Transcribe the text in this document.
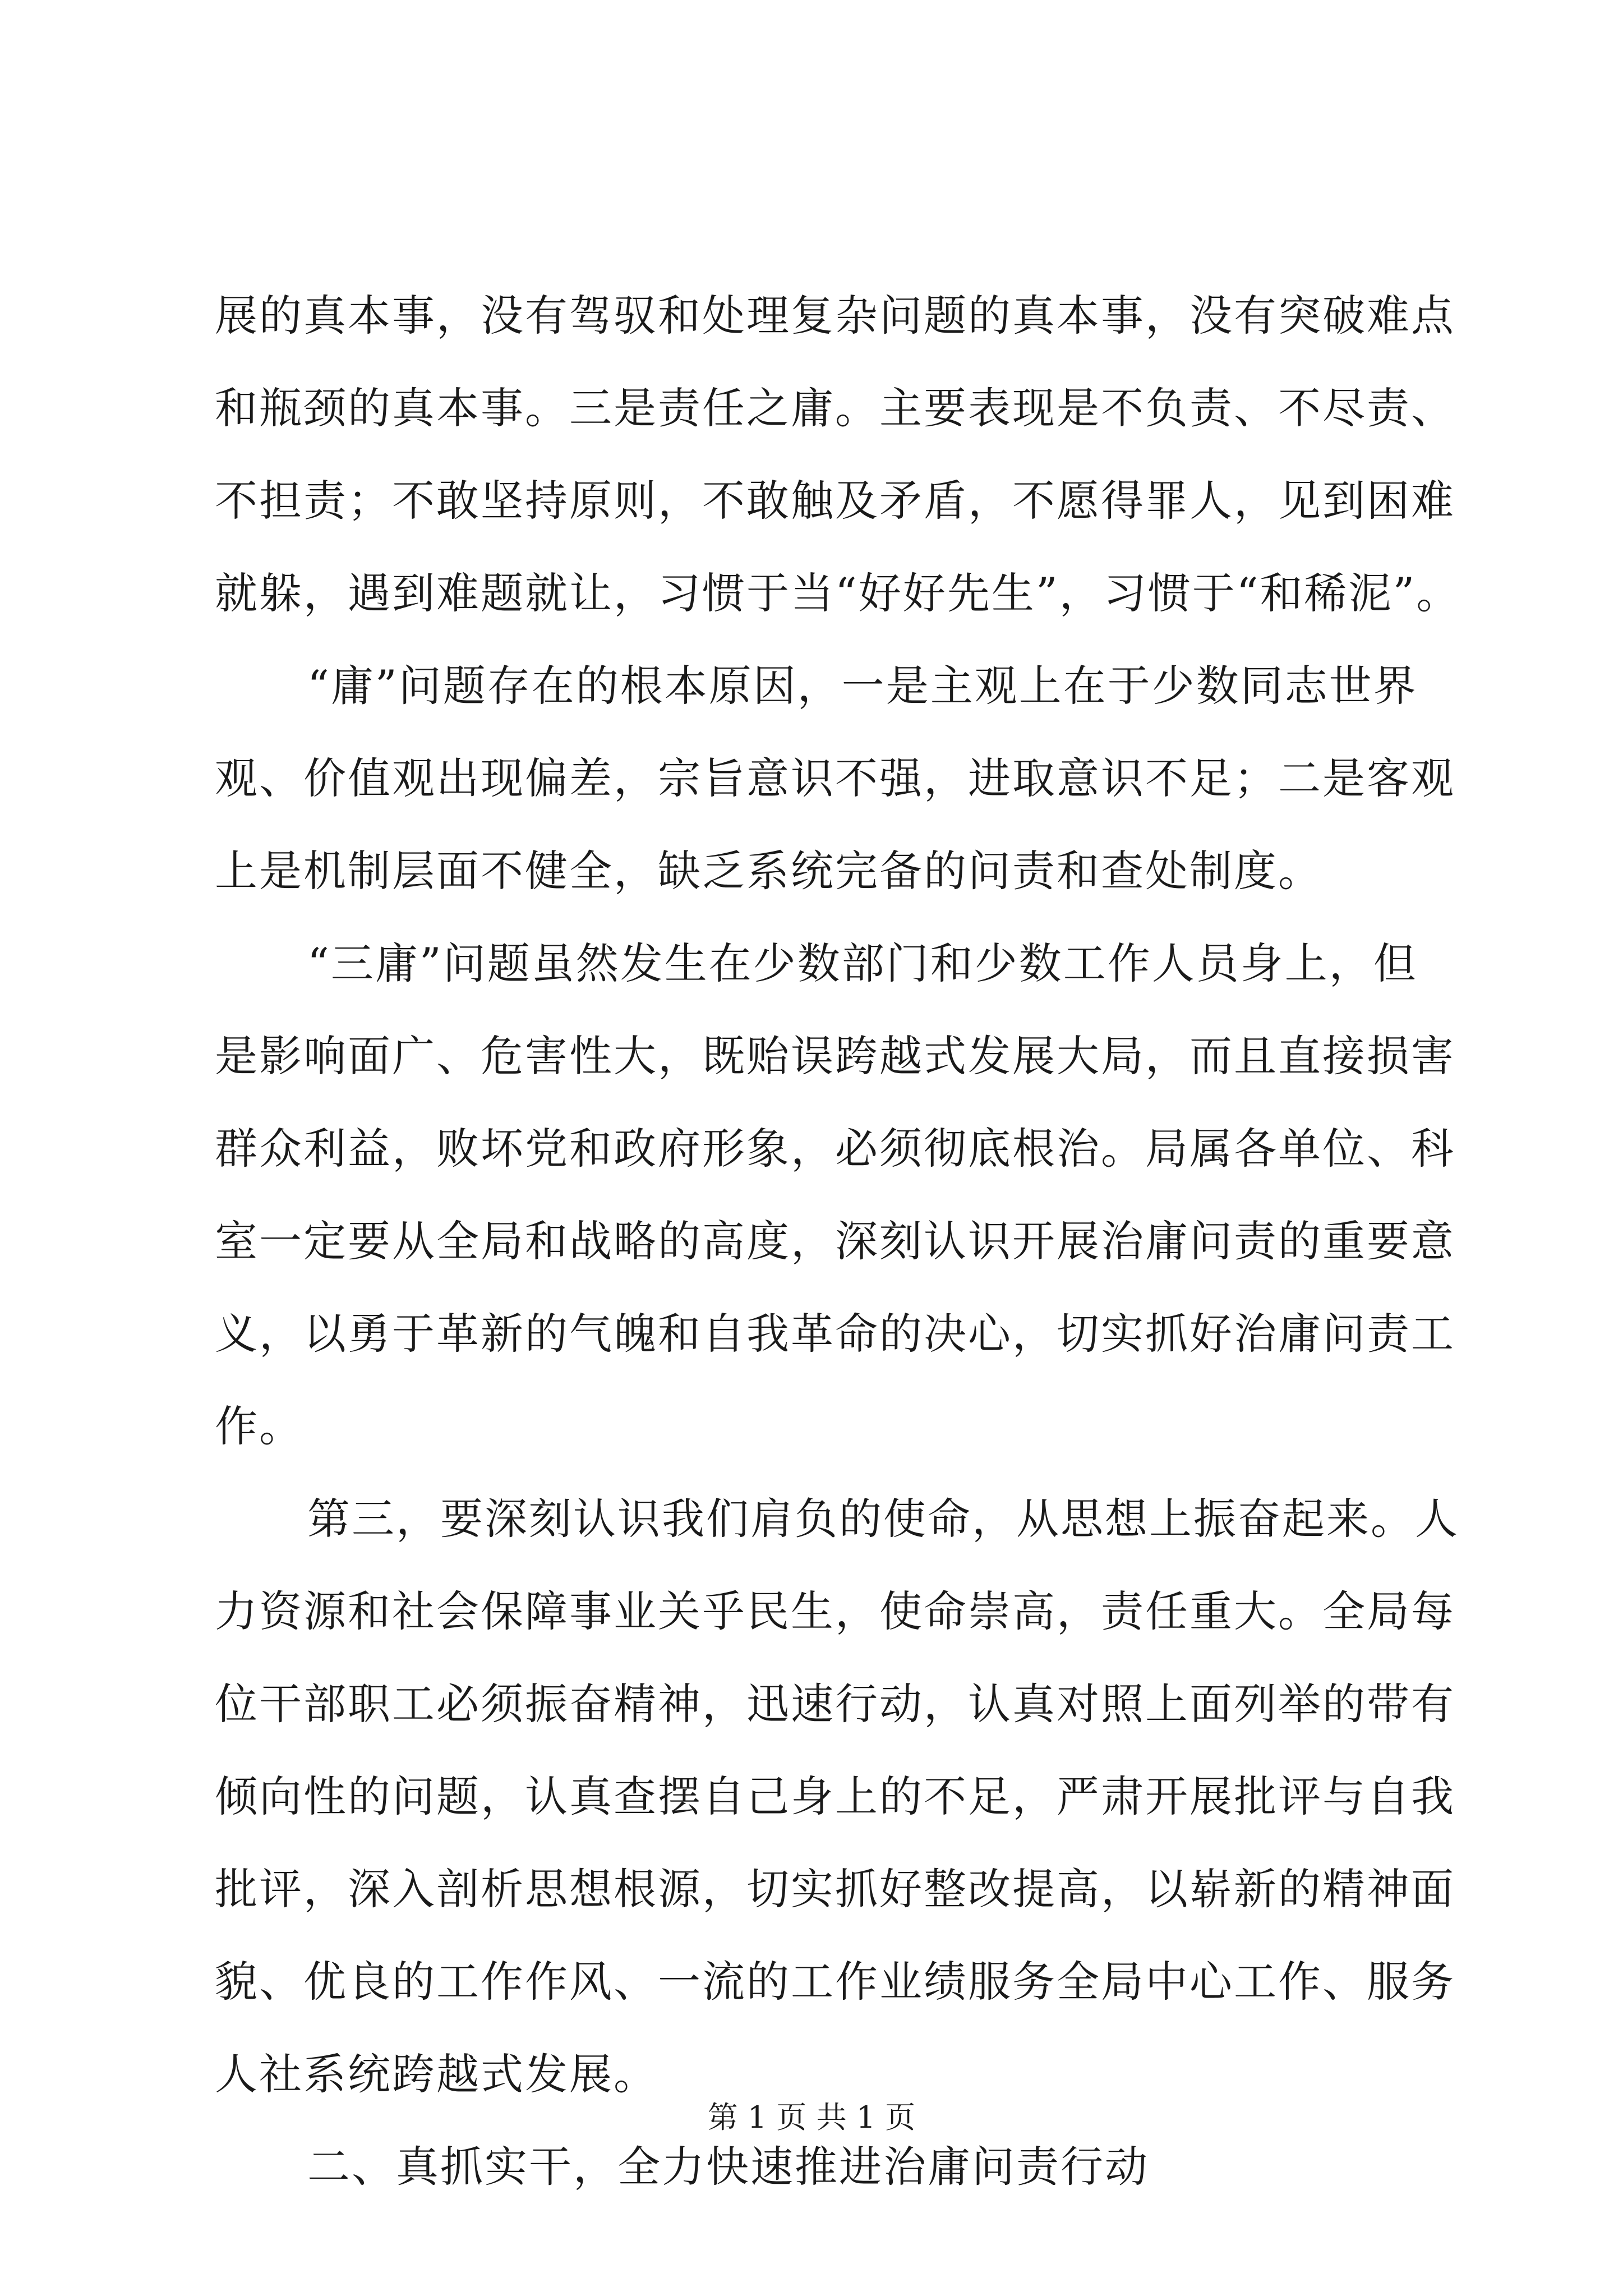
展的真本事，没有驾驭和处理复杂问题的真本事，没有突破难点
和瓶颈的真本事。三是责任之庸。主要表现是不负责、不尽责、
不担责；不敢坚持原则，不敢触及矛盾，不愿得罪人，见到困难
就躲，遇到难题就让，习惯于当“好好先生”，习惯于“和稀泥”。
“庸”问题存在的根本原因，一是主观上在于少数同志世界
观、价值观出现偏差，宗旨意识不强，进取意识不足；二是客观
上是机制层面不健全，缺乏系统完备的问责和查处制度。
“三庸”问题虽然发生在少数部门和少数工作人员身上，但
是影响面广、危害性大，既贻误跨越式发展大局，而且直接损害
群众利益，败坏党和政府形象，必须彻底根治。局属各单位、科
室一定要从全局和战略的高度，深刻认识开展治庸问责的重要意
义，以勇于革新的气魄和自我革命的决心，切实抓好治庸问责工
作。
第三，要深刻认识我们肩负的使命，从思想上振奋起来。人
力资源和社会保障事业关乎民生，使命崇高，责任重大。全局每
位干部职工必须振奋精神，迅速行动，认真对照上面列举的带有
倾向性的问题，认真查摆自己身上的不足，严肃开展批评与自我
批评，深入剖析思想根源，切实抓好整改提高，以崭新的精神面
貌、优良的工作作风、一流的工作业绩服务全局中心工作、服务
人社系统跨越式发展。
二、真抓实干，全力快速推进治庸问责行动
第 1 页 共 1 页
